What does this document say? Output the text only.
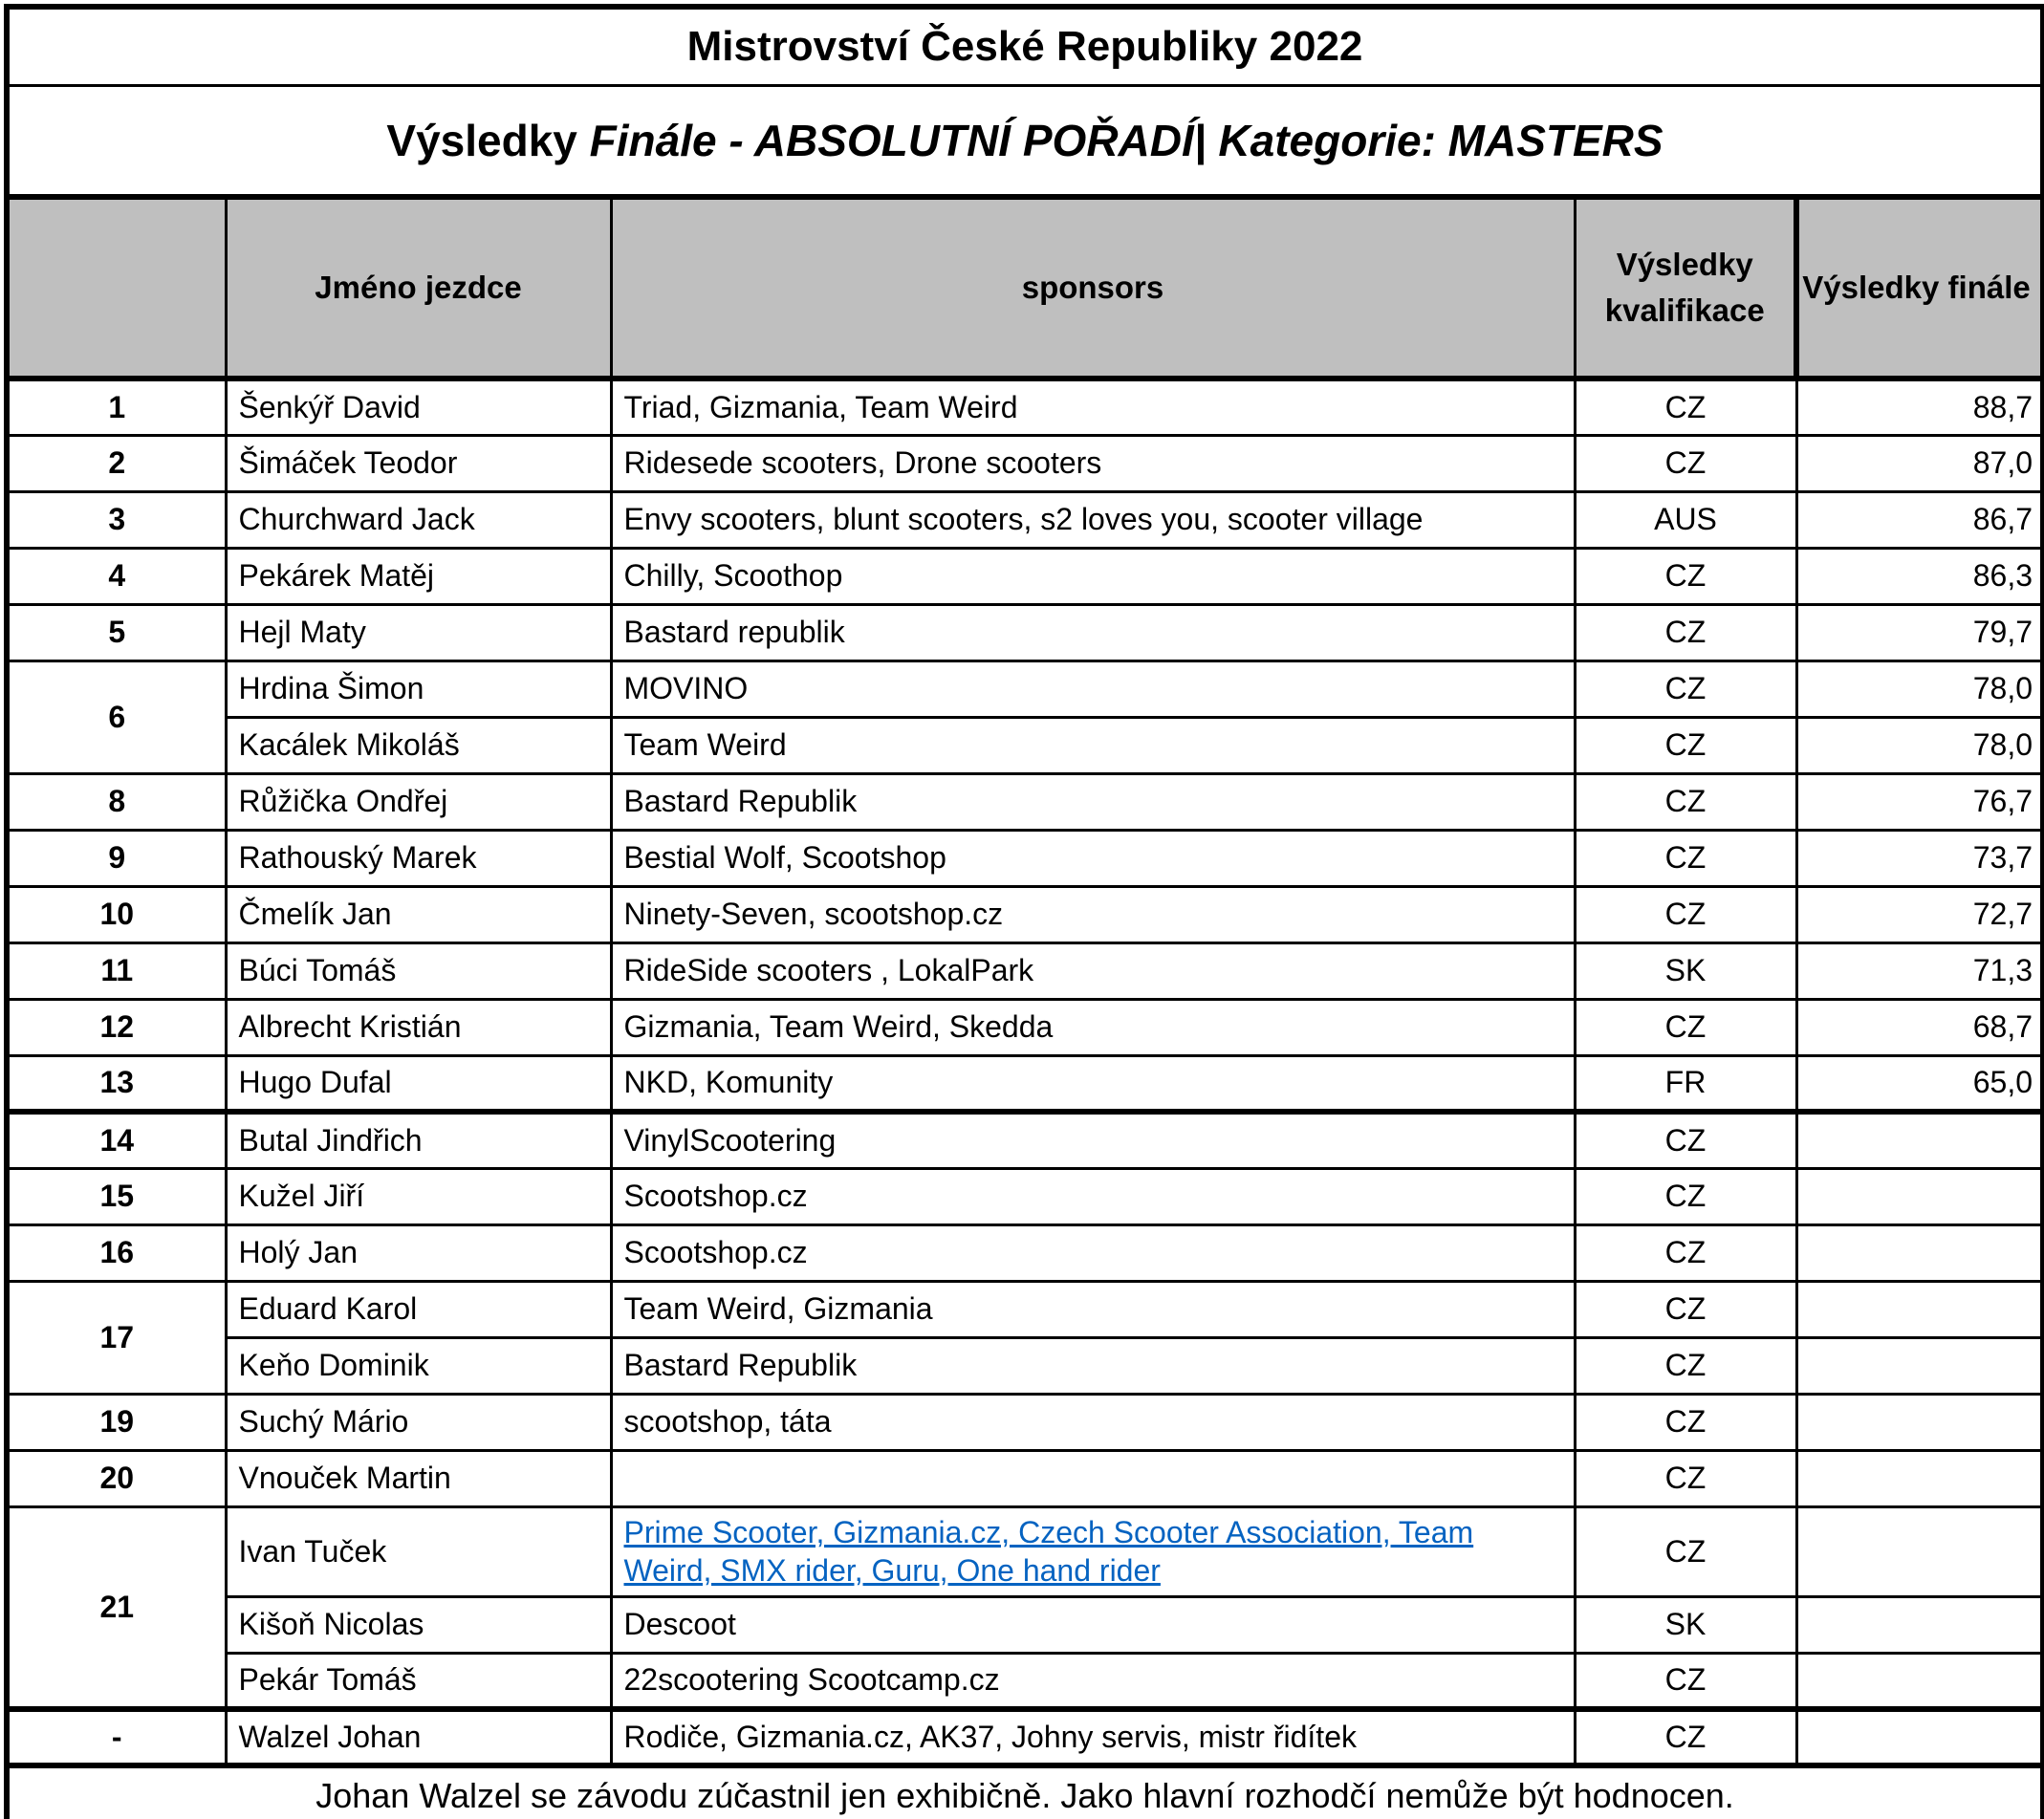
Mistrovství České Republiky 2022				
Výsledky Finále - ABSOLUTNÍ POŘADÍ| Kategorie: MASTERS				
	Jméno jezdce	sponsors	Výsledky kvalifikace	Výsledky finále
1	Šenkýř David	Triad, Gizmania, Team Weird	CZ	88,7
2	Šimáček Teodor	Ridesede scooters, Drone scooters	CZ	87,0
3	Churchward Jack	Envy scooters, blunt scooters, s2 loves you, scooter village	AUS	86,7
4	Pekárek Matěj	Chilly, Scoothop	CZ	86,3
5	Hejl Maty	Bastard republik	CZ	79,7
6	Hrdina Šimon	MOVINO	CZ	78,0
	Kacálek Mikoláš	Team Weird	CZ	78,0
8	Růžička Ondřej	Bastard Republik	CZ	76,7
9	Rathouský Marek	Bestial Wolf, Scootshop	CZ	73,7
10	Čmelík Jan	Ninety-Seven, scootshop.cz	CZ	72,7
11	Búci Tomáš	RideSide scooters , LokalPark	SK	71,3
12	Albrecht Kristián	Gizmania, Team Weird, Skedda	CZ	68,7
13	Hugo Dufal	NKD, Komunity	FR	65,0
14	Butal Jindřich	VinylScootering	CZ	
15	Kužel Jiří	Scootshop.cz	CZ	
16	Holý Jan	Scootshop.cz	CZ	
17	Eduard Karol	Team Weird, Gizmania	CZ	
	Keňo Dominik	Bastard Republik	CZ	
19	Suchý Mário	scootshop, táta	CZ	
20	Vnouček Martin		CZ	
21	Ivan Tuček	Prime Scooter, Gizmania.cz, Czech Scooter Association, Team Weird, SMX rider, Guru, One hand rider	CZ	
	Kišoň Nicolas	Descoot	SK	
	Pekár Tomáš	22scootering Scootcamp.cz	CZ	
-	Walzel Johan	Rodiče, Gizmania.cz, AK37, Johny servis, mistr řidítek	CZ	
Johan Walzel se závodu zúčastnil jen exhibičně. Jako hlavní rozhodčí nemůže být hodnocen.				
